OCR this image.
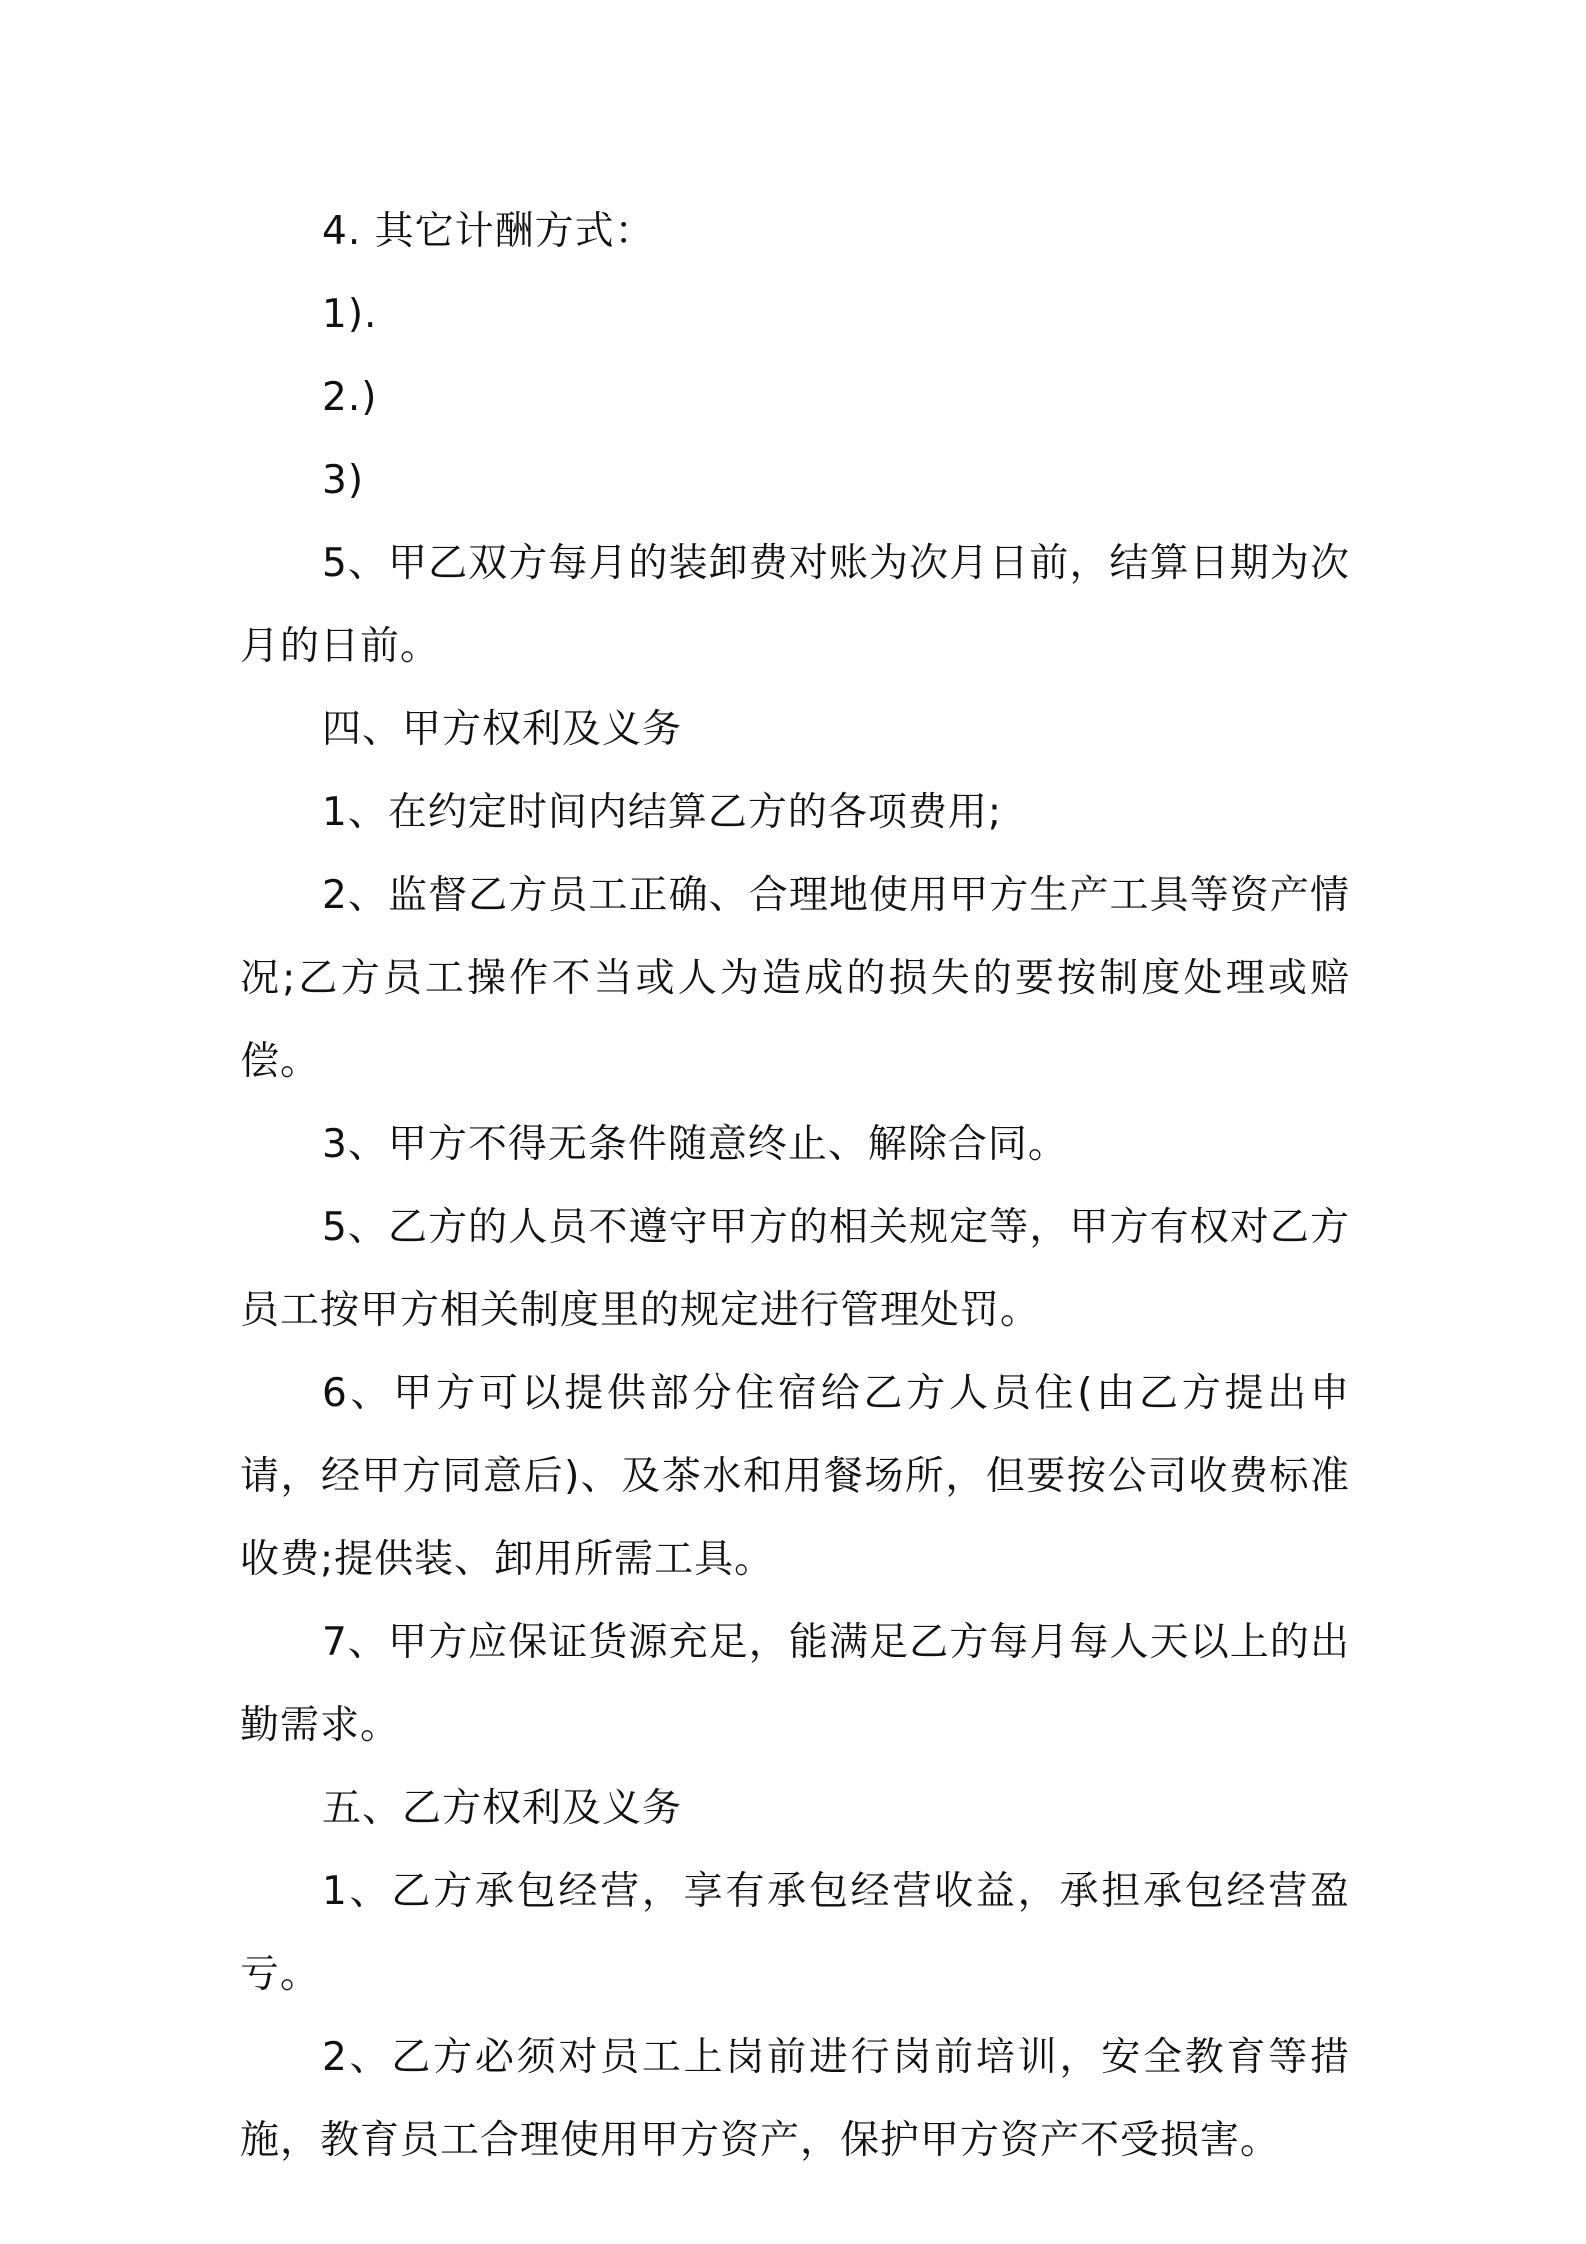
4. 其它计酬方式：

1).

2.)

3)

5、甲乙双方每月的装卸费对账为次月日前，结算日期为次月的日前。

四、甲方权利及义务

1、在约定时间内结算乙方的各项费用;

2、监督乙方员工正确、合理地使用甲方生产工具等资产情况;乙方员工操作不当或人为造成的损失的要按制度处理或赔偿。

3、甲方不得无条件随意终止、解除合同。

5、乙方的人员不遵守甲方的相关规定等，甲方有权对乙方员工按甲方相关制度里的规定进行管理处罚。

6、甲方可以提供部分住宿给乙方人员住(由乙方提出申请，经甲方同意后)、及茶水和用餐场所，但要按公司收费标准收费;提供装、卸用所需工具。

7、甲方应保证货源充足，能满足乙方每月每人天以上的出勤需求。

五、乙方权利及义务

1、乙方承包经营，享有承包经营收益，承担承包经营盈亏。

2、乙方必须对员工上岗前进行岗前培训，安全教育等措施，教育员工合理使用甲方资产，保护甲方资产不受损害。
